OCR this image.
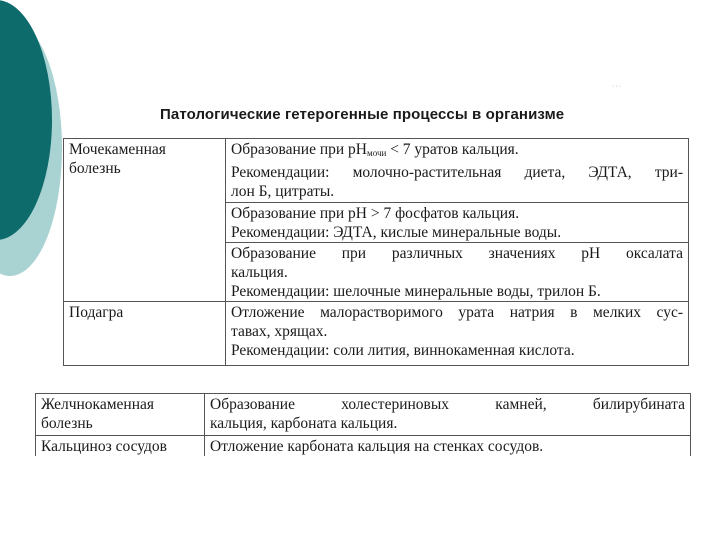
· · ·
Патологические гетерогенные процессы в организме
Мочекаменная болезнь	Образование при $рН_{мочи} < 7$ уратов кальция.
Рекомендации: молочно-растительная диета, ЭДТА, три-
лон Б, цитраты.

	Образование при рН > 7 фосфатов кальция.
Рекомендации: ЭДТА, кислые минеральные воды.

	Образование при различных значениях рН оксалата
кальция.
Рекомендации: шелочные минеральные воды, трилон Б.

Подагра	Отложение малорастворимого урата натрия в мелких сус-
тавах, хрящах.
Рекомендации: соли лития, виннокаменная кислота.
Желчнокаменная болезнь	Образование холестериновых камней, билирубината
кальция, карбоната кальция.

Кальциноз сосудов	Отложение карбоната кальция на стенках сосудов.
